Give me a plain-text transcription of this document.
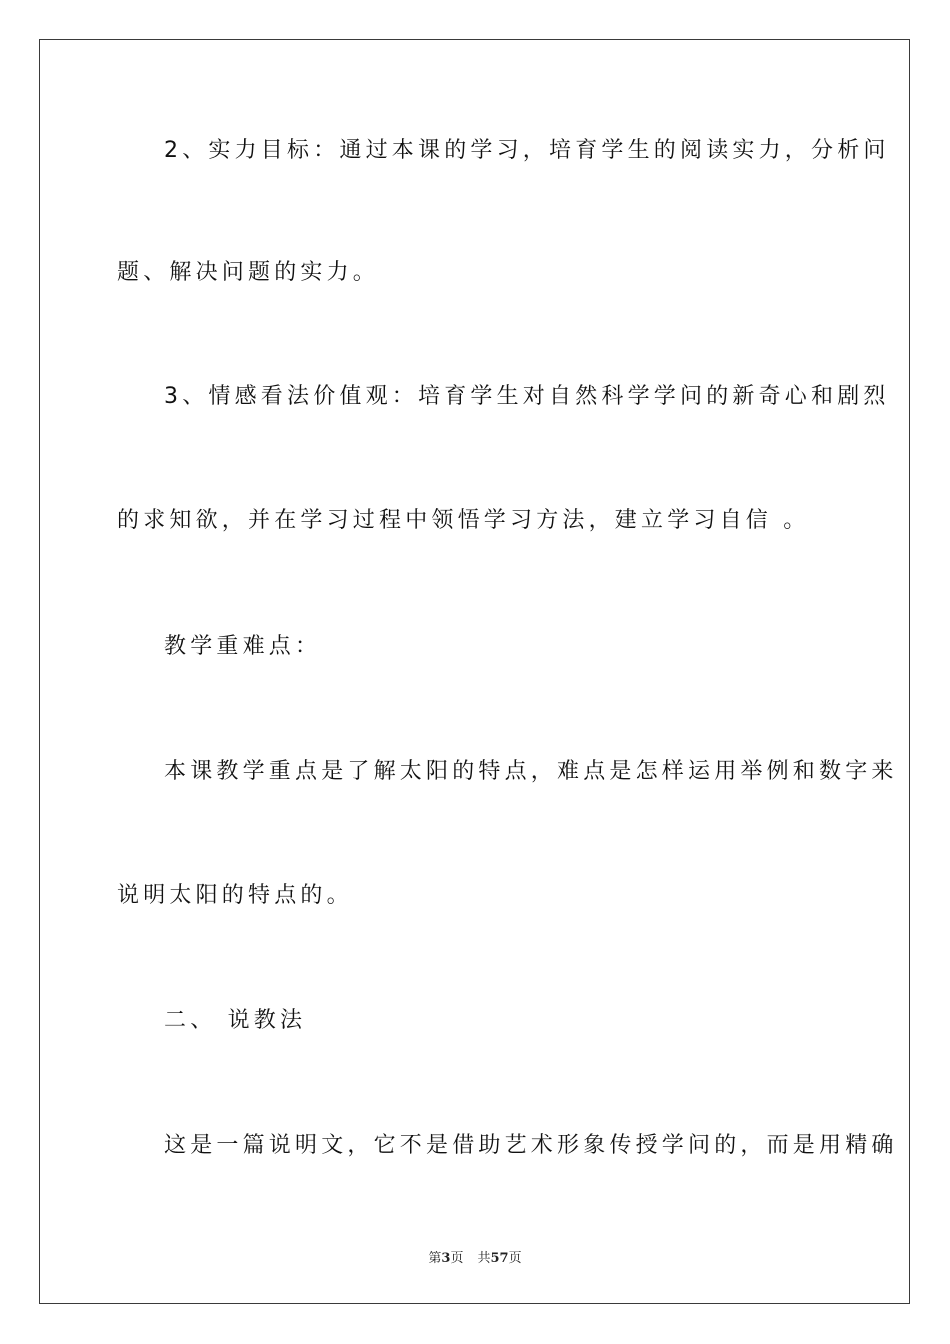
2、实力目标：通过本课的学习，培育学生的阅读实力，分析问
题、解决问题的实力。
3、情感看法价值观：培育学生对自然科学学问的新奇心和剧烈
的求知欲，并在学习过程中领悟学习方法，建立学习自信 。
教学重难点：
本课教学重点是了解太阳的特点，难点是怎样运用举例和数字来
说明太阳的特点的。
二、 说教法
这是一篇说明文，它不是借助艺术形象传授学问的，而是用精确
第3页 共57页
